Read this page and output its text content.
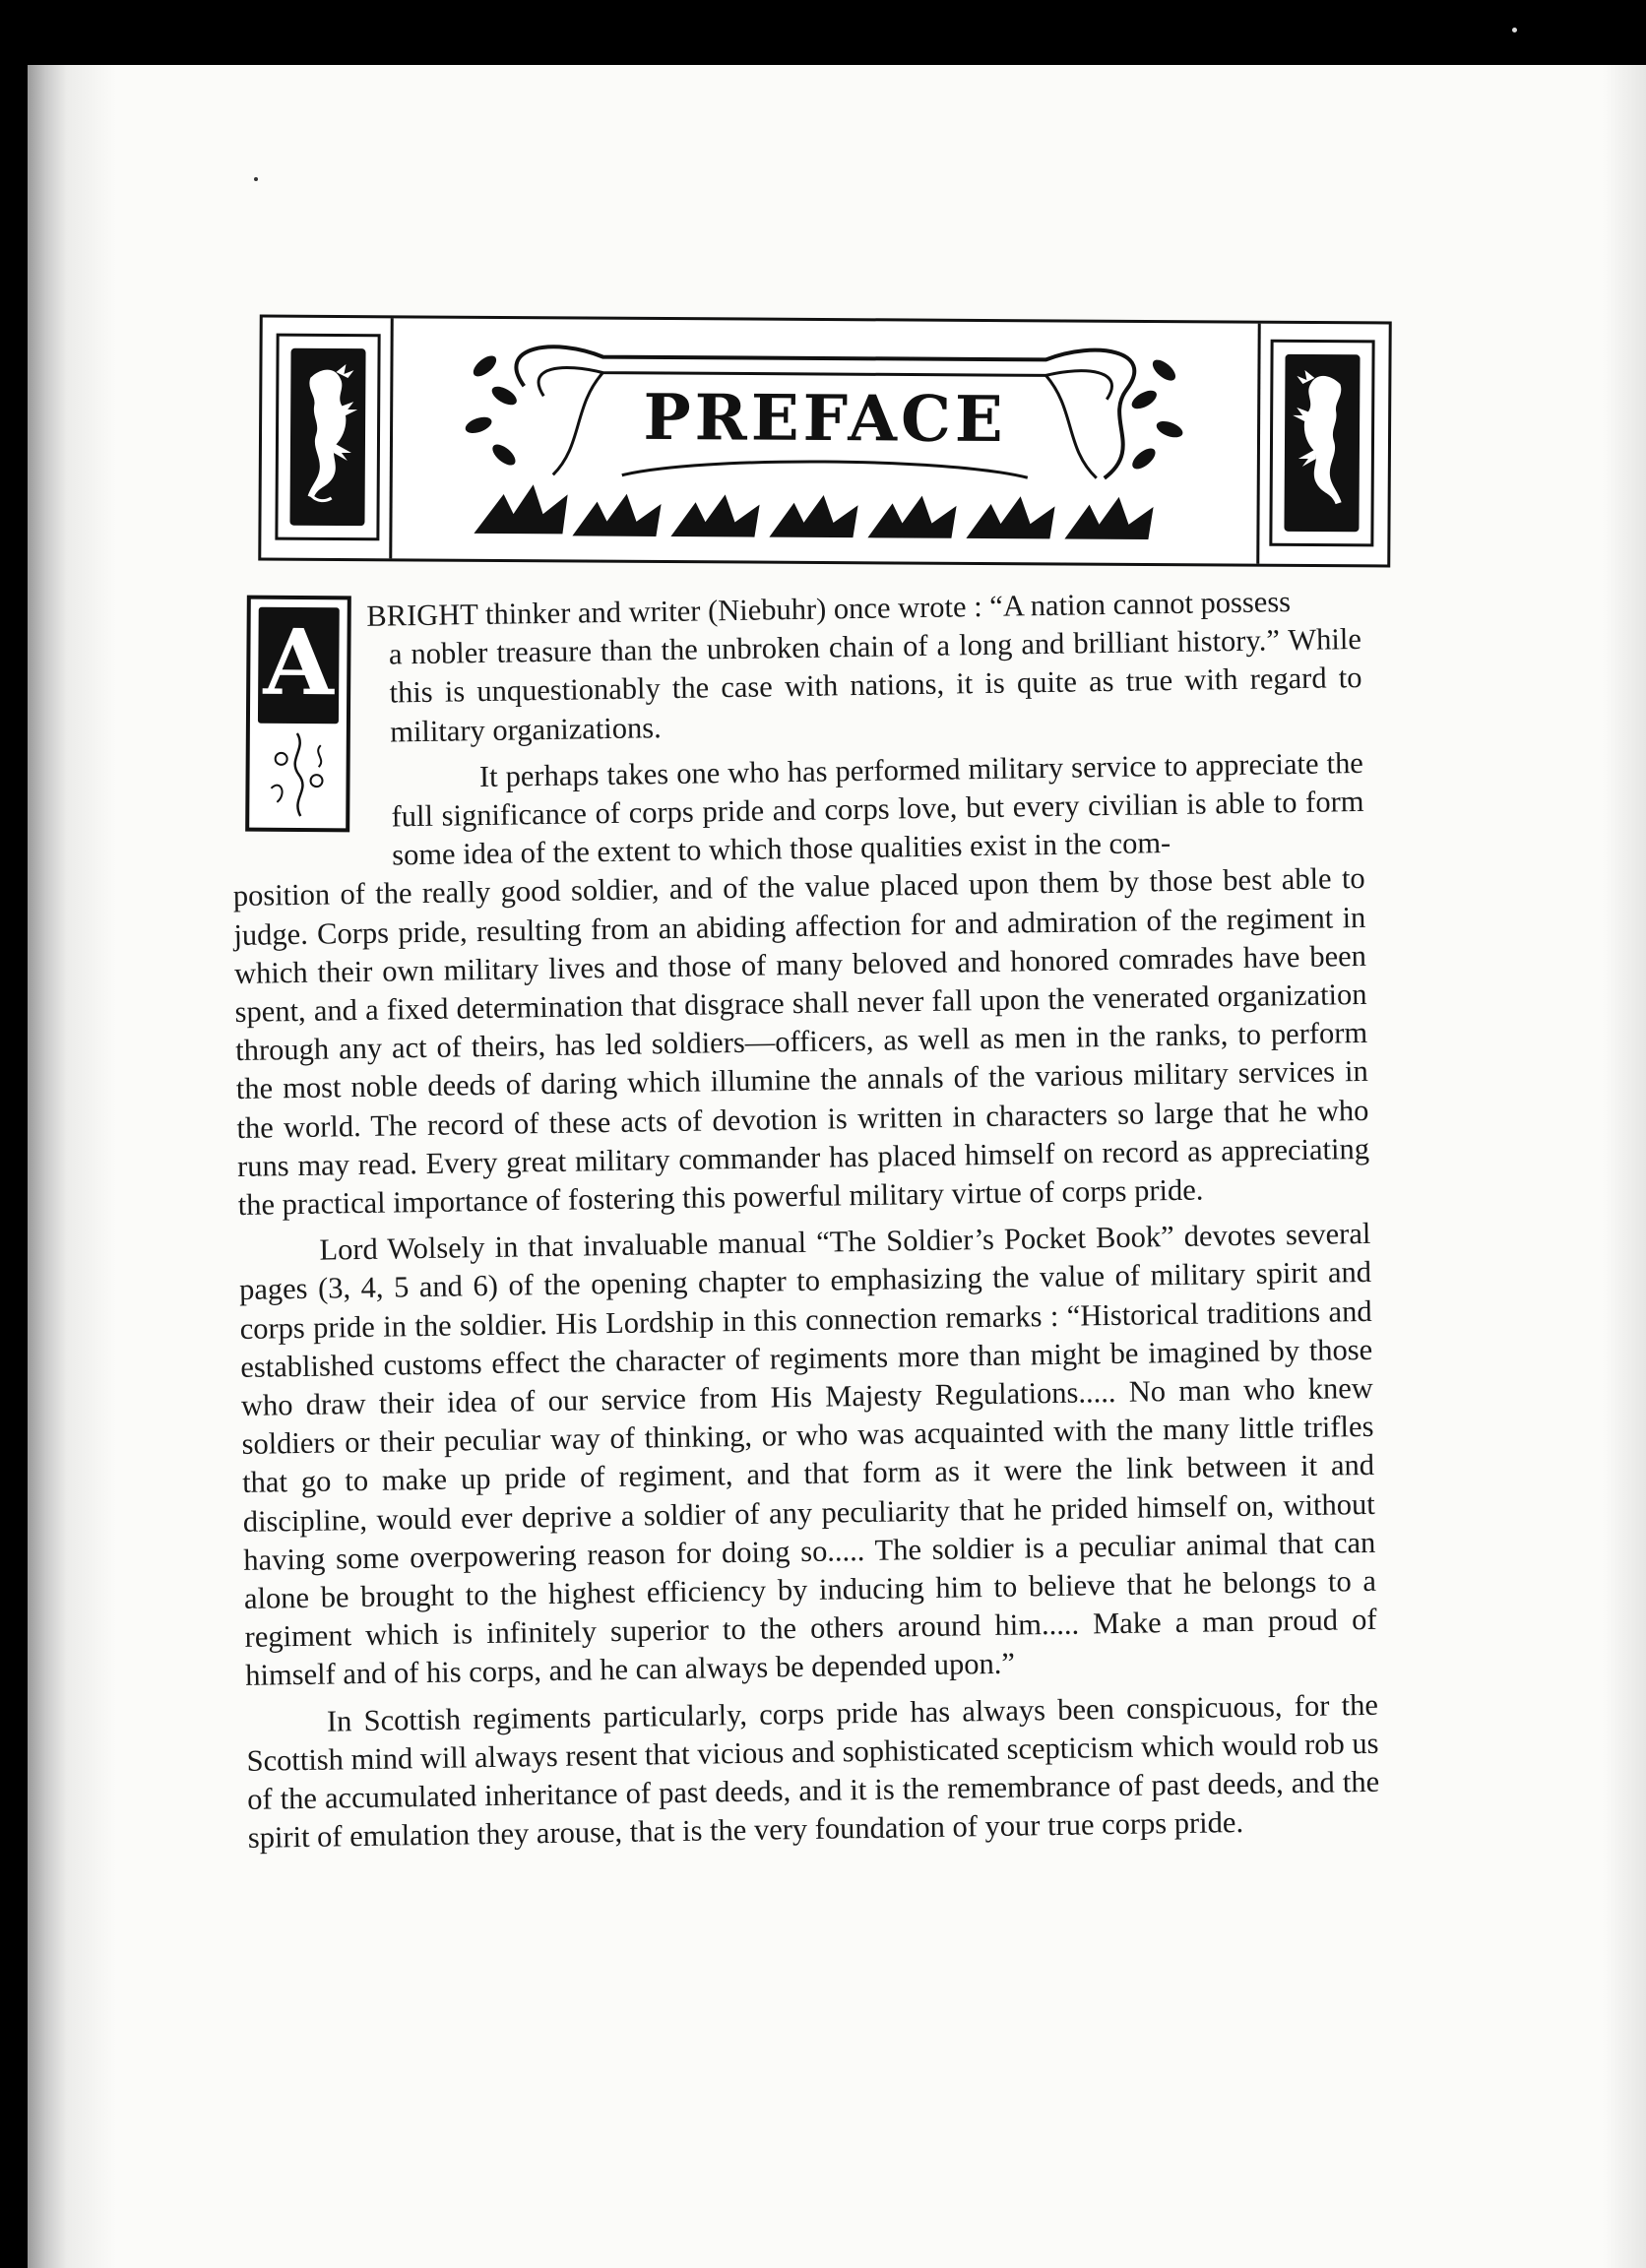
PREFACE
A

BRIGHT thinker and writer (Niebuhr) once wrote : “A nation cannot possess

a nobler treasure than the unbroken chain of a long and brilliant history.” While this is unquestionably the case with nations, it is quite as true with regard to military organizations.

It perhaps takes one who has performed military service to appreciate the full significance of corps pride and corps love, but every civilian is able to form some idea of the extent to which those qualities exist in the com-

position of the really good soldier, and of the value placed upon them by those best able to judge. Corps pride, resulting from an abiding affection for and admiration of the regiment in which their own military lives and those of many beloved and honored comrades have been spent, and a fixed determination that disgrace shall never fall upon the venerated organization through any act of theirs, has led soldiers—officers, as well as men in the ranks, to perform the most noble deeds of daring which illumine the annals of the various military services in the world. The record of these acts of devotion is written in characters so large that he who runs may read. Every great military commander has placed himself on record as appreciating the practical importance of fostering this powerful military virtue of corps pride.

Lord Wolsely in that invaluable manual “The Soldier’s Pocket Book” devotes several pages (3, 4, 5 and 6) of the opening chapter to emphasizing the value of military spirit and corps pride in the soldier. His Lordship in this connection remarks : “Historical traditions and established customs effect the character of regiments more than might be imagined by those who draw their idea of our service from His Majesty Regulations..... No man who knew soldiers or their peculiar way of thinking, or who was acquainted with the many little trifles that go to make up pride of regiment, and that form as it were the link between it and discipline, would ever deprive a soldier of any peculiarity that he prided himself on, without having some overpowering reason for doing so..... The soldier is a peculiar animal that can alone be brought to the highest efficiency by inducing him to believe that he belongs to a regiment which is infinitely superior to the others around him..... Make a man proud of himself and of his corps, and he can always be depended upon.”

In Scottish regiments particularly, corps pride has always been conspicuous, for the Scottish mind will always resent that vicious and sophisticated scepticism which would rob us of the accumulated inheritance of past deeds, and it is the remembrance of past deeds, and the spirit of emulation they arouse, that is the very foundation of your true corps pride.
